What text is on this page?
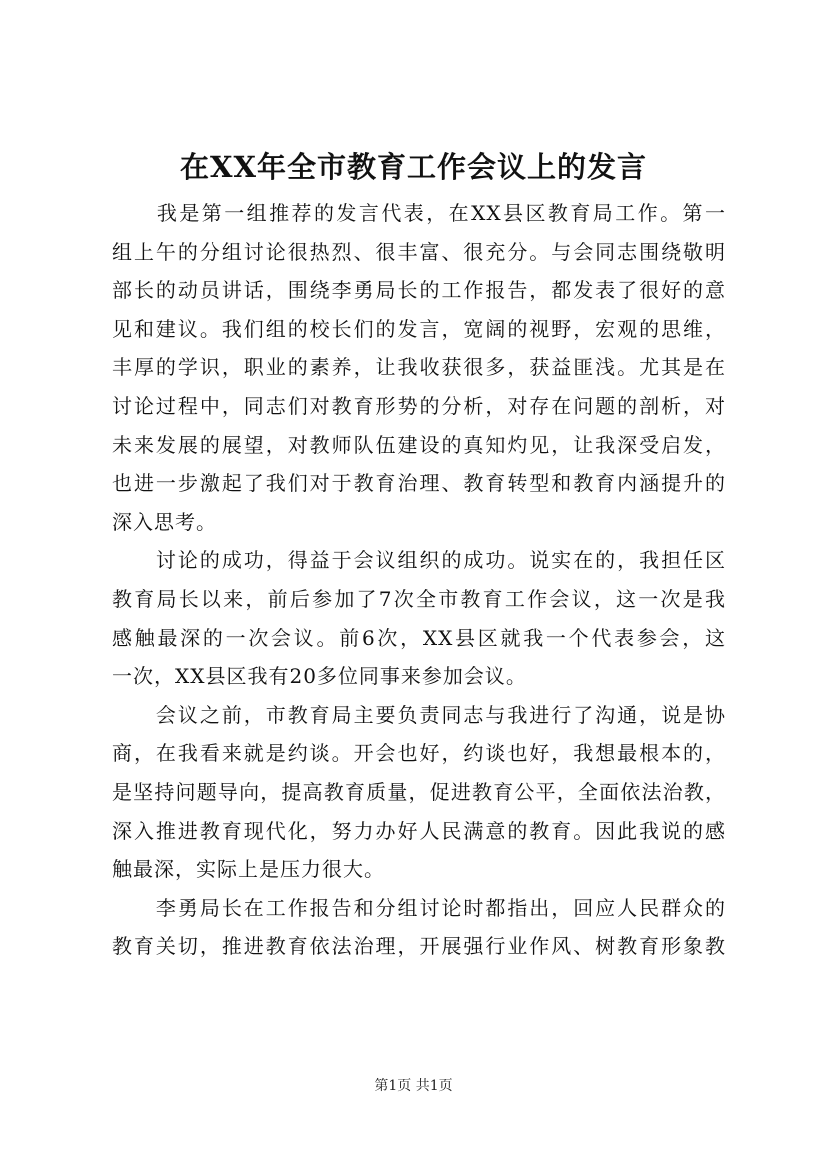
在XX年全市教育工作会议上的发言
　　我是第一组推荐的发言代表，在XX县区教育局工作。第一
组上午的分组讨论很热烈、很丰富、很充分。与会同志围绕敬明
部长的动员讲话，围绕李勇局长的工作报告，都发表了很好的意
见和建议。我们组的校长们的发言，宽阔的视野，宏观的思维，
丰厚的学识，职业的素养，让我收获很多，获益匪浅。尤其是在
讨论过程中，同志们对教育形势的分析，对存在问题的剖析，对
未来发展的展望，对教师队伍建设的真知灼见，让我深受启发，
也进一步激起了我们对于教育治理、教育转型和教育内涵提升的
深入思考。
　　讨论的成功，得益于会议组织的成功。说实在的，我担任区
教育局长以来，前后参加了7次全市教育工作会议，这一次是我
感触最深的一次会议。前6次，XX县区就我一个代表参会，这
一次，XX县区我有20多位同事来参加会议。
　　会议之前，市教育局主要负责同志与我进行了沟通，说是协
商，在我看来就是约谈。开会也好，约谈也好，我想最根本的，
是坚持问题导向，提高教育质量，促进教育公平，全面依法治教，
深入推进教育现代化，努力办好人民满意的教育。因此我说的感
触最深，实际上是压力很大。
　　李勇局长在工作报告和分组讨论时都指出，回应人民群众的
教育关切，推进教育依法治理，开展强行业作风、树教育形象教
第1页 共1页
